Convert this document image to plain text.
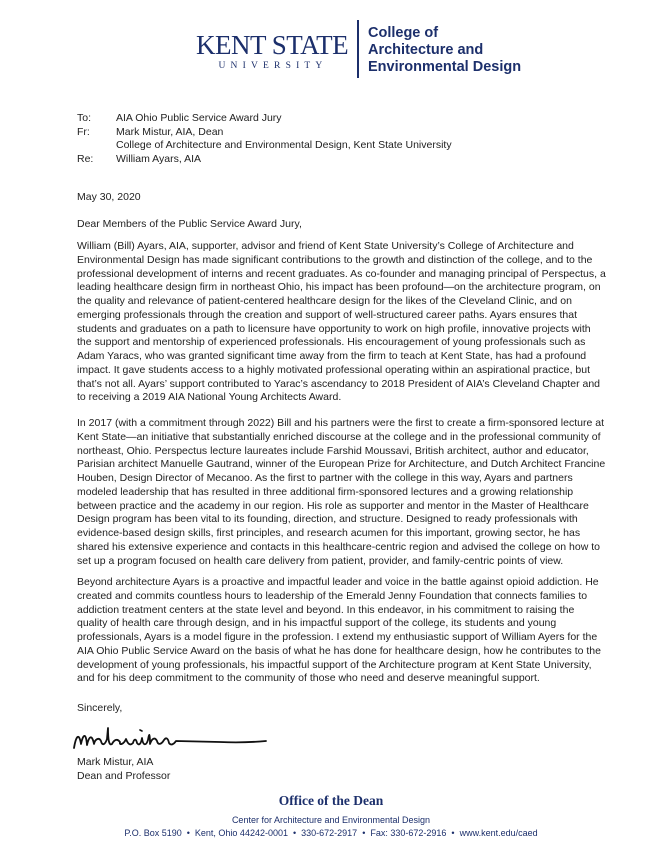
KENT STATE
UNIVERSITY
College of
Architecture and
Environmental Design
To:	AIA Ohio Public Service Award Jury
Fr:	Mark Mistur, AIA, Dean
College of Architecture and Environmental Design, Kent State University
Re:	William Ayars, AIA
May 30, 2020
Dear Members of the Public Service Award Jury,

William (Bill) Ayars, AIA, supporter, advisor and friend of Kent State University’s College of Architecture and
Environmental Design has made significant contributions to the growth and distinction of the college, and to the
professional development of interns and recent graduates. As co-founder and managing principal of Perspectus, a
leading healthcare design firm in northeast Ohio, his impact has been profound—on the architecture program, on
the quality and relevance of patient-centered healthcare design for the likes of the Cleveland Clinic, and on
emerging professionals through the creation and support of well-structured career paths. Ayars ensures that
students and graduates on a path to licensure have opportunity to work on high profile, innovative projects with
the support and mentorship of experienced professionals. His encouragement of young professionals such as
Adam Yaracs, who was granted significant time away from the firm to teach at Kent State, has had a profound
impact. It gave students access to a highly motivated professional operating within an aspirational practice, but
that’s not all. Ayars’ support contributed to Yarac’s ascendancy to 2018 President of AIA’s Cleveland Chapter and
to receiving a 2019 AIA National Young Architects Award.

In 2017 (with a commitment through 2022) Bill and his partners were the first to create a firm-sponsored lecture at
Kent State—an initiative that substantially enriched discourse at the college and in the professional community of
northeast, Ohio. Perspectus lecture laureates include Farshid Moussavi, British architect, author and educator,
Parisian architect Manuelle Gautrand, winner of the European Prize for Architecture, and Dutch Architect Francine
Houben, Design Director of Mecanoo. As the first to partner with the college in this way, Ayars and partners
modeled leadership that has resulted in three additional firm-sponsored lectures and a growing relationship
between practice and the academy in our region. His role as supporter and mentor in the Master of Healthcare
Design program has been vital to its founding, direction, and structure. Designed to ready professionals with
evidence-based design skills, first principles, and research acumen for this important, growing sector, he has
shared his extensive experience and contacts in this healthcare-centric region and advised the college on how to
set up a program focused on health care delivery from patient, provider, and family-centric points of view.

Beyond architecture Ayars is a proactive and impactful leader and voice in the battle against opioid addiction. He
created and commits countless hours to leadership of the Emerald Jenny Foundation that connects families to
addiction treatment centers at the state level and beyond. In this endeavor, in his commitment to raising the
quality of health care through design, and in his impactful support of the college, its students and young
professionals, Ayars is a model figure in the profession. I extend my enthusiastic support of William Ayers for the
AIA Ohio Public Service Award on the basis of what he has done for healthcare design, how he contributes to the
development of young professionals, his impactful support of the Architecture program at Kent State University,
and for his deep commitment to the community of those who need and deserve meaningful support.

Sincerely,
Mark Mistur, AIA
Dean and Professor
Office of the Dean
Center for Architecture and Environmental Design
P.O. Box 5190 • Kent, Ohio 44242-0001 • 330-672-2917 • Fax: 330-672-2916 • www.kent.edu/caed
